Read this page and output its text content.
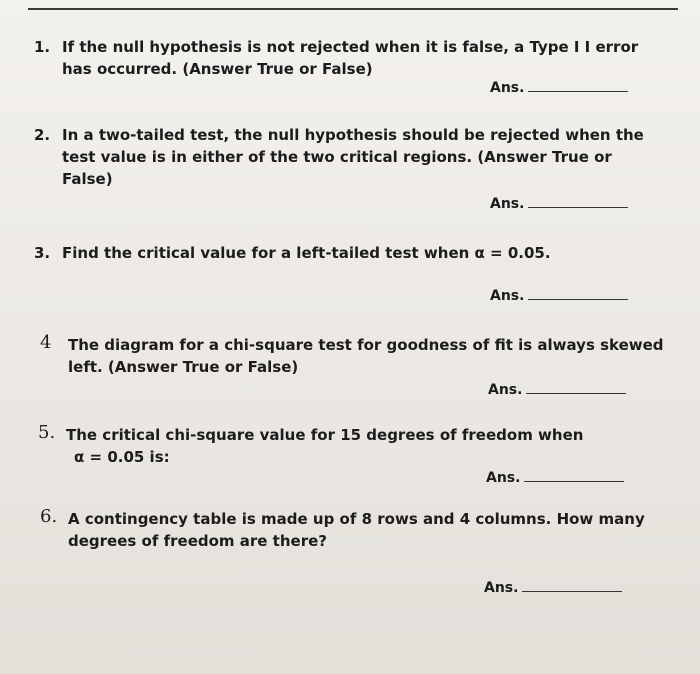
1. If the null hypothesis is not rejected when it is false, a Type I I error
has occurred. (Answer True or False)
Ans.
2. In a two-tailed test, the null hypothesis should be rejected when the
test value is in either of the two critical regions. (Answer True or
False)
Ans.
3. Find the critical value for a left-tailed test when α = 0.05.
Ans.
4 The diagram for a chi-square test for goodness of fit is always skewed
left. (Answer True or False)
Ans.
5. The critical chi-square value for 15 degrees of freedom when
α = 0.05 is:
Ans.
6. A contingency table is made up of 8 rows and 4 columns. How many
degrees of freedom are there?
Ans.
